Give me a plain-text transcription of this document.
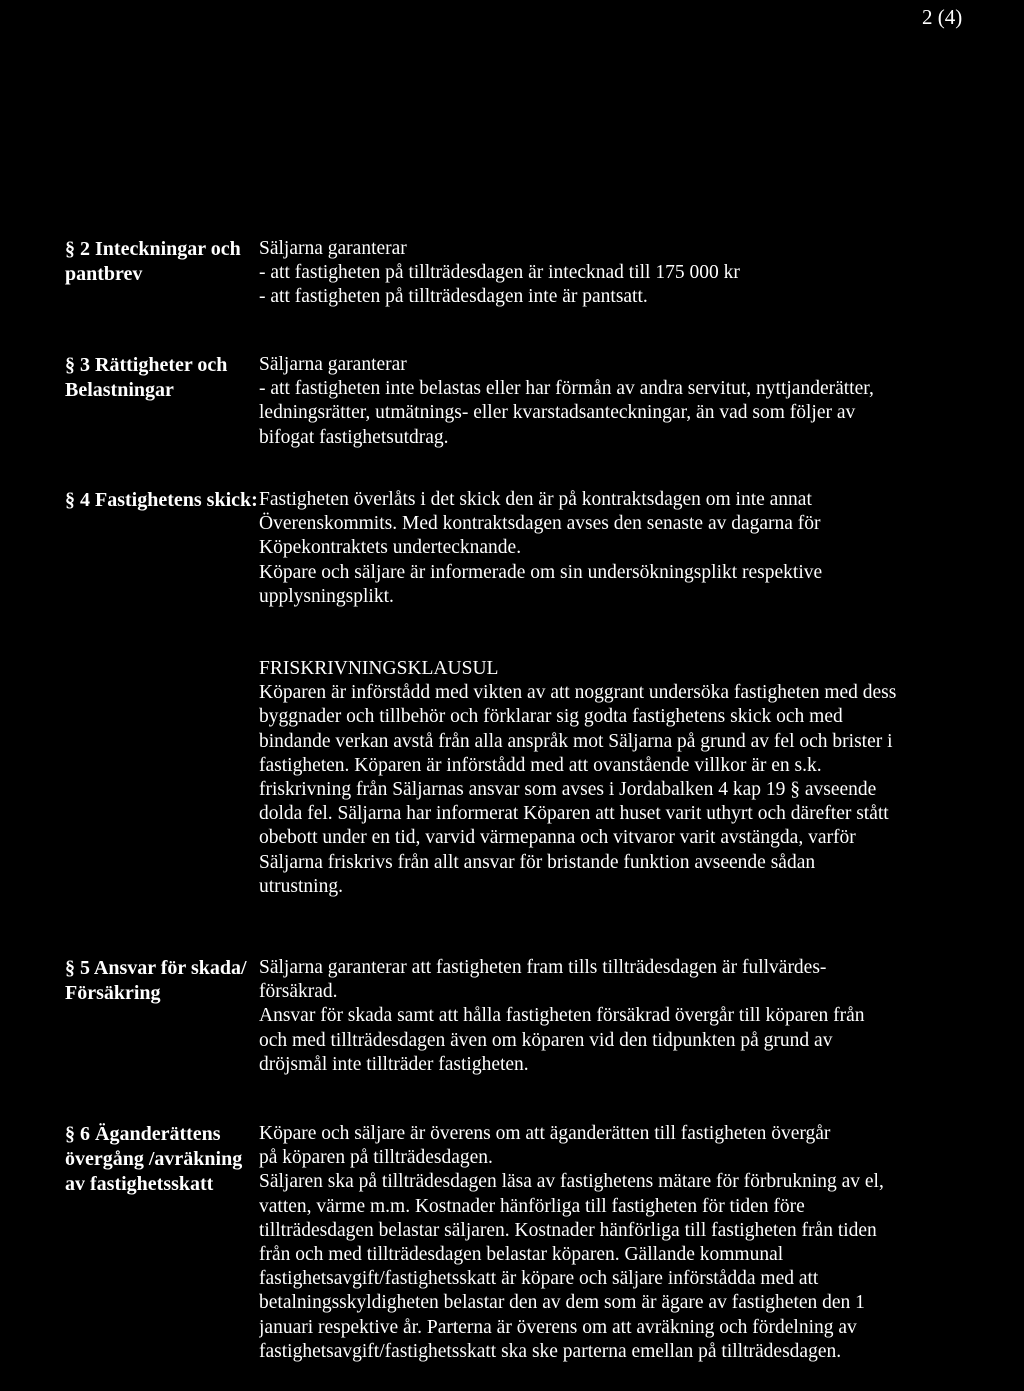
2 (4)
§ 2 Inteckningar och
pantbrev
Säljarna garanterar
- att fastigheten på tillträdesdagen är intecknad till 175 000 kr
- att fastigheten på tillträdesdagen inte är pantsatt.
§ 3 Rättigheter och
Belastningar
Säljarna garanterar
- att fastigheten inte belastas eller har förmån av andra servitut, nyttjanderätter,
ledningsrätter, utmätnings- eller kvarstadsanteckningar, än vad som följer av
bifogat fastighetsutdrag.
§ 4 Fastighetens skick: Fastigheten överlåts i det skick den är på kontraktsdagen om inte annat
Överenskommits. Med kontraktsdagen avses den senaste av dagarna för
Köpekontraktets undertecknande.
Köpare och säljare är informerade om sin undersökningsplikt respektive
upplysningsplikt.
FRISKRIVNINGSKLAUSUL
Köparen är införstådd med vikten av att noggrant undersöka fastigheten med dess
byggnader och tillbehör och förklarar sig godta fastighetens skick och med
bindande verkan avstå från alla anspråk mot Säljarna på grund av fel och brister i
fastigheten. Köparen är införstådd med att ovanstående villkor är en s.k.
friskrivning från Säljarnas ansvar som avses i Jordabalken 4 kap 19 § avseende
dolda fel. Säljarna har informerat Köparen att huset varit uthyrt och därefter stått
obebott under en tid, varvid värmepanna och vitvaror varit avstängda, varför
Säljarna friskrivs från allt ansvar för bristande funktion avseende sådan
utrustning.
§ 5 Ansvar för skada/
Försäkring
Säljarna garanterar att fastigheten fram tills tillträdesdagen är fullvärdes-
försäkrad.
Ansvar för skada samt att hålla fastigheten försäkrad övergår till köparen från
och med tillträdesdagen även om köparen vid den tidpunkten på grund av
dröjsmål inte tillträder fastigheten.
§ 6 Äganderättens
övergång /avräkning
av fastighetsskatt
Köpare och säljare är överens om att äganderätten till fastigheten övergår
på köparen på tillträdesdagen.
Säljaren ska på tillträdesdagen läsa av fastighetens mätare för förbrukning av el,
vatten, värme m.m. Kostnader hänförliga till fastigheten för tiden före
tillträdesdagen belastar säljaren. Kostnader hänförliga till fastigheten från tiden
från och med tillträdesdagen belastar köparen. Gällande kommunal
fastighetsavgift/fastighetsskatt är köpare och säljare införstådda med att
betalningsskyldigheten belastar den av dem som är ägare av fastigheten den 1
januari respektive år. Parterna är överens om att avräkning och fördelning av
fastighetsavgift/fastighetsskatt ska ske parterna emellan på tillträdesdagen.
